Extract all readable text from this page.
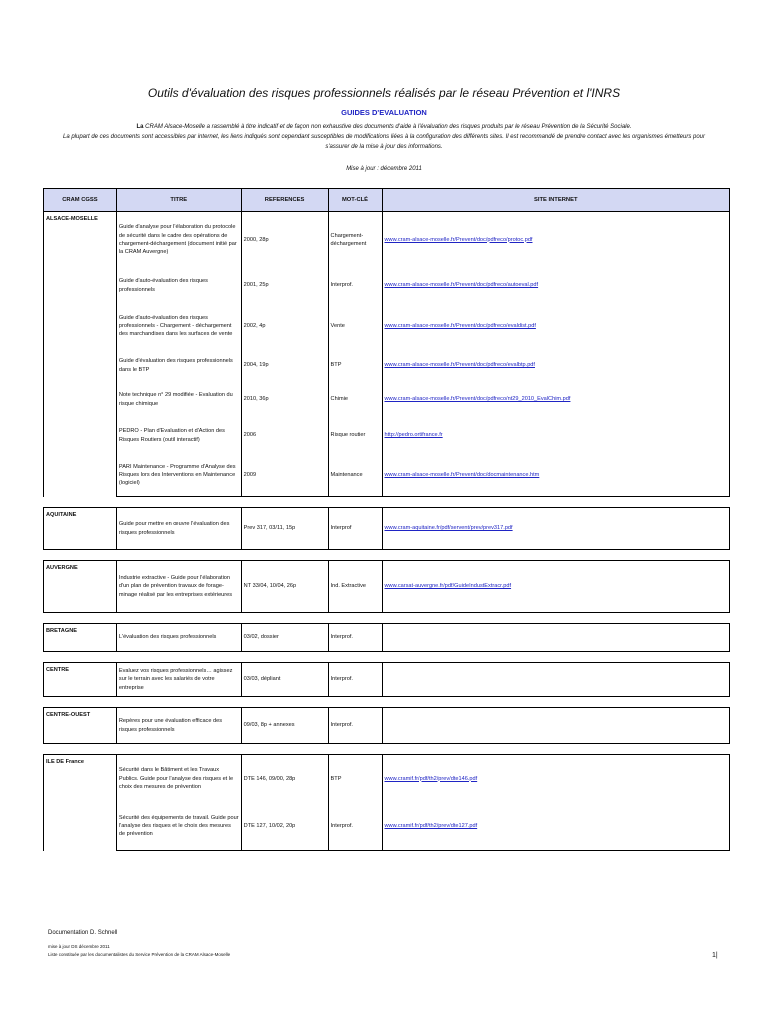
Outils d'évaluation des risques professionnels réalisés par le réseau Prévention et l'INRS
GUIDES D'EVALUATION

La CRAM Alsace-Moselle a rassemblé à titre indicatif et de façon non exhaustive des documents d'aide à l'évaluation des risques produits par le réseau Prévention de la Sécurité Sociale.

La plupart de ces documents sont accessibles par internet, les liens indiqués sont cependant susceptibles de modifications liées à la configuration des différents sites. Il est recommandé de prendre contact avec les organismes émetteurs pour s'assurer de la mise à jour des informations.

Mise à jour : décembre 2011
CRAM CGSS	TITRE	REFERENCES	MOT-CLÉ	SITE INTERNET
ALSACE-MOSELLE	Guide d'analyse pour l'élaboration du protocole de sécurité dans le cadre des opérations de chargement-déchargement (document initié par la CRAM Auvergne)	2000, 28p	Chargement-déchargement	www.cram-alsace-moselle.fr/Prevent/doc/pdfreco/protoc.pdf
	Guide d'auto-évaluation des risques professionnels	2001, 25p	Interprof.	www.cram-alsace-moselle.fr/Prevent/doc/pdfreco/autoeval.pdf
	Guide d'auto-évaluation des risques professionnels - Chargement - déchargement des marchandises dans les surfaces de vente	2002, 4p	Vente	www.cram-alsace-moselle.fr/Prevent/doc/pdfreco/evaldist.pdf
	Guide d'évaluation des risques professionnels dans le BTP	2004, 19p	BTP	www.cram-alsace-moselle.fr/Prevent/doc/pdfreco/evalbtp.pdf
	Note technique n° 29 modifiée - Evaluation du risque chimique	2010, 36p	Chimie	www.cram-alsace-moselle.fr/Prevent/doc/pdfreco/nt29_2010_EvalChim.pdf
	PEDRO - Plan d'Evaluation et d'Action des Risques Routiers (outil interactif)	2006	Risque routier	http://pedro.ortifrance.fr
	PARI Maintenance - Programme d'Analyse des Risques lors des Interventions en Maintenance (logiciel)	2009	Maintenance	www.cram-alsace-moselle.fr/Prevent/doc/docmaintenance.htm

AQUITAINE	Guide pour mettre en œuvre l'évaluation des risques professionnels	Prev 317, 03/11, 15p	Interprof	www.cram-aquitaine.fr/pdf/servent/prev/prev317.pdf

AUVERGNE	Industrie extractive - Guide pour l'élaboration d'un plan de prévention travaux de forage-minage réalisé par les entreprises extérieures	NT 33/04, 10/04, 26p	Ind. Extractive	www.carsat-auvergne.fr/pdf/GuideIndustExtracr.pdf

BRETAGNE	L'évaluation des risques professionnels	03/02, dossier	Interprof.	

CENTRE	Evaluez vos risques professionnels… agissez sur le terrain avec les salariés de votre entreprise	03/03, dépliant	Interprof.	

CENTRE-OUEST	Repères pour une évaluation efficace des risques professionnels	09/03, 8p + annexes	Interprof.	

ILE DE France	Sécurité dans le Bâtiment et les Travaux Publics. Guide pour l'analyse des risques et le choix des mesures de prévention	DTE 146, 09/00, 28p	BTP	www.cramif.fr/pdf/th2/prev/dte146.pdf
	Sécurité des équipements de travail. Guide pour l'analyse des risques et le choix des mesures de prévention	DTE 127, 10/02, 20p	Interprof.	www.cramif.fr/pdf/th2/prev/dte127.pdf
Documentation D. Schnell
mise à jour DS décembre 2011
Liste constituée par les documentalistes du Service Prévention de la CRAM Alsace-Moselle	1|
